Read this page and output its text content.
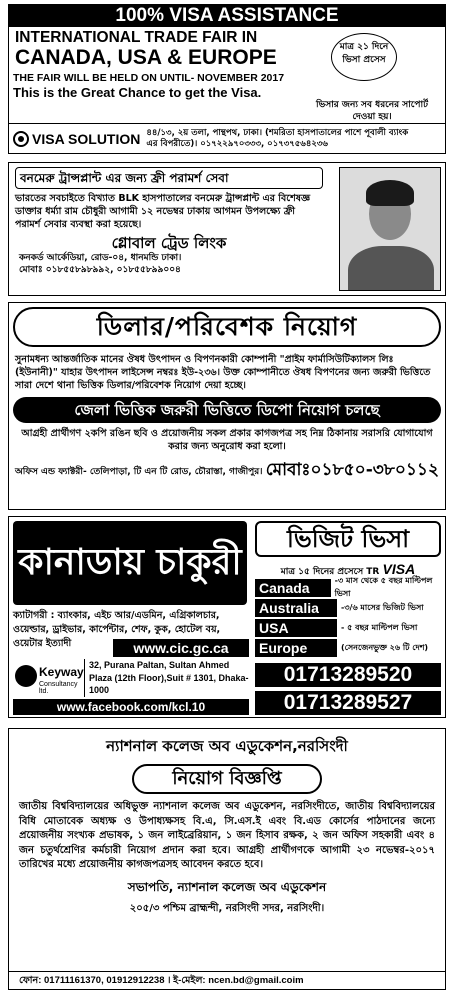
100% VISA ASSISTANCE
INTERNATIONAL TRADE FAIR IN
CANADA, USA & EUROPE	মাত্র ২১ দিনে ভিসা প্রসেস
THE FAIR WILL BE HELD ON UNTIL- NOVEMBER 2017
This is the Great Chance to get the Visa.
ভিসার জন্য সব ধরনের সাপোর্ট দেওয়া হয়।
VISA SOLUTION ৪৪/১৩, ২য় তলা, পান্থপথ, ঢাকা। (শমরিতা হাসপাতালের পাশে পূবালী ব্যাংক এর বিপরীতে)। ০১৭২২৯৭০৩৩৩, ০১৭৩৭৫৬৪২৩৬
বনমেরু ট্রান্সপ্লান্ট এর জন্য ফ্রী পরামর্শ সেবা
ভারতের সবচাইতে বিখ্যাত BLK হাসপাতালের বনমেরু ট্রান্সপ্লান্ট এর বিশেষজ্ঞ ডাক্তার ধর্ম্যা রাম চৌধুরী আগামী ১২ নভেম্বর ঢাকায় আগমন উপলক্ষ্যে ফ্রী পরামর্শ সেবার ব্যবস্থা করা হয়েছে।
গ্লোবাল ট্রেড লিংক
কনকর্ড আর্কেডিয়া, রোড-০৪, ধানমন্ডি ঢাকা।
মোবাঃ ০১৮৫৫৮৯৮৯৯২, ০১৮৫৫৮৯৯০০৪
ডিলার/পরিবেশক নিয়োগ
সুনামধন্য আন্তর্জাতিক মানের ঔষধ উৎপাদন ও বিপণনকারী কোম্পানী "প্রাইম ফার্মাসিউটিক্যালস লিঃ (ইউনানী)" যাহার উৎপাদন লাইসেন্স নম্বরঃ ইউ-২৩৬। উক্ত কোম্পানীতে ঔষধ বিপণনের জন্য জরুরী ভিত্তিতে সারা দেশে থানা ভিত্তিক ডিলার/পরিবেশক নিয়োগ দেয়া হচ্ছে।
জেলা ভিত্তিক জরুরী ভিত্তিতে ডিপো নিয়োগ চলছে
আগ্রহী প্রার্থীগণ ২কপি রঙিন ছবি ও প্রয়োজনীয় সকল প্রকার কাগজপত্র সহ নিম্ন ঠিকানায় সরাসরি যোগাযোগ করার জন্য অনুরোধ করা হলো।
অফিস এন্ড ফ্যাক্টরী- তেলিপাড়া, টি এন টি রোড, চৌরাস্তা, গাজীপুর। মোবাঃ০১৮৫০-৩৮০১১২
কানাডায় চাকুরী
ভিজিট ভিসা
মাত্র ১৫ দিনের প্রসেসে TR VISA
Canada	-৩ মাস থেকে ৫ বছর মাল্টিপল ভিসা
Australia	-৩/৬ মাসের ভিজিট ভিসা
USA	- ৫ বছর মাল্টিপল ভিসা
Europe	(সেনজেনভুক্ত ২৬ টি দেশ)
ক্যাটাগরী : ব্যাংকার, এইচ আর/এডমিন, এগ্রিকালচার, ওয়েল্ডার, ড্রাইভার, কার্পেন্টার, শেফ, কুক, হোটেল বয়, ওয়েটার ইত্যাদী	www.cic.gc.ca
Keyway
Consultancy ltd.
32, Purana Paltan, Sultan Ahmed Plaza (12th Floor),Suit # 1301, Dhaka-1000
www.facebook.com/kcl.10
01713289520
01713289527
ন্যাশনাল কলেজ অব এডুকেশন,নরসিংদী
নিয়োগ বিজ্ঞপ্তি
জাতীয় বিশ্ববিদ্যালয়ের অধিভুক্ত ন্যাশনাল কলেজ অব এডুকেশন, নরসিংদীতে, জাতীয় বিশ্ববিদ্যালয়ের বিধি মোতাবেক অধ্যক্ষ ও উপাধ্যক্ষসহ বি.এ, সি.এস.ই এবং বি.এড কোর্সের পাঠদানের জন্যে প্রয়োজনীয় সংখ্যক প্রভাষক, ১ জন লাইব্রেরিয়ান, ১ জন হিসাব রক্ষক, ২ জন অফিস সহকারী এবং ৪ জন চতুর্থশ্রেণির কর্মচারী নিয়োগ প্রদান করা হবে। আগ্রহী প্রার্থীগণকে আগামী ২৩ নভেম্বর-২০১৭ তারিখের মধ্যে প্রয়োজনীয় কাগজপত্রসহ আবেদন করতে হবে।
সভাপতি, ন্যাশনাল কলেজ অব এডুকেশন
২০৫/৩ পশ্চিম ব্রাহ্মন্দী, নরসিংদী সদর, নরসিংদী।
ফোন: 01711161370, 01912912238 । ই-মেইল: ncen.bd@gmail.coim
